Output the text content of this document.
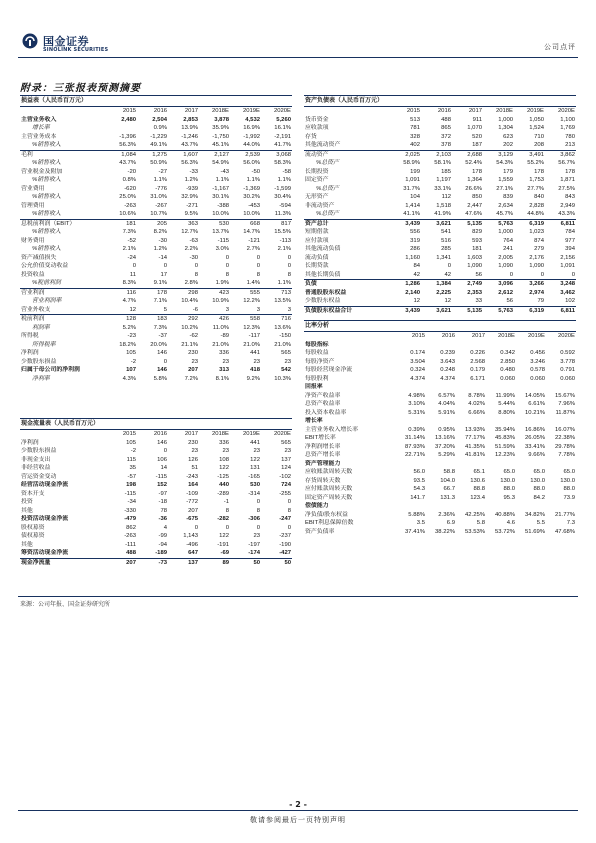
国金证券
SINOLINK SECURITIES	公司点评
附录：三张报表预测摘要
损益表（人民币百万元）						
	2015	2016	2017	2018E	2019E	2020E
主营业务收入	2,480	2,504	2,853	3,878	4,532	5,260
增长率		0.9%	13.9%	35.9%	16.9%	16.1%
主营业务成本	-1,396	-1,229	-1,246	-1,750	-1,992	-2,191
%销售收入	56.3%	49.1%	43.7%	45.1%	44.0%	41.7%
毛利	1,084	1,275	1,607	2,127	2,539	3,068
%销售收入	43.7%	50.9%	56.3%	54.9%	56.0%	58.3%
营业税金及附加	-20	-27	-33	-43	-50	-58
%销售收入	0.8%	1.1%	1.2%	1.1%	1.1%	1.1%
营业费用	-620	-776	-939	-1,167	-1,369	-1,599
%销售收入	25.0%	31.0%	32.9%	30.1%	30.2%	30.4%
管理费用	-263	-267	-271	-388	-453	-594
%销售收入	10.6%	10.7%	9.5%	10.0%	10.0%	11.3%
息税前利润（EBIT）	181	205	363	530	668	817
%销售收入	7.3%	8.2%	12.7%	13.7%	14.7%	15.5%
财务费用	-52	-30	-63	-115	-121	-113
%销售收入	2.1%	1.2%	2.2%	3.0%	2.7%	2.1%
资产减值损失	-24	-14	-30	0	0	0
公允价值变动收益	0	0	0	0	0	0
投资收益	11	17	8	8	8	8
%税前利润	8.3%	9.1%	2.8%	1.9%	1.4%	1.1%
营业利润	116	178	298	423	555	713
营业利润率	4.7%	7.1%	10.4%	10.9%	12.2%	13.5%
营业外收支	12	5	-6	3	3	3
税前利润	128	183	292	426	558	716
利润率	5.2%	7.3%	10.2%	11.0%	12.3%	13.6%
所得税	-23	-37	-62	-89	-117	-150
所得税率	18.2%	20.0%	21.1%	21.0%	21.0%	21.0%
净利润	105	146	230	336	441	565
少数股东损益	-2	0	23	23	23	23
归属于母公司的净利润	107	146	207	313	418	542
净利率	4.3%	5.8%	7.2%	8.1%	9.2%	10.3%
资产负债表（人民币百万元）						
	2015	2016	2017	2018E	2019E	2020E
货币资金	513	488	911	1,000	1,050	1,100
应收款项	781	865	1,070	1,304	1,524	1,769
存货	328	372	520	623	710	780
其他流动资产	402	378	187	202	208	213
流动资产	2,025	2,103	2,688	3,129	3,491	3,862
%总资产	58.9%	58.1%	52.4%	54.3%	55.2%	56.7%
长期投资	199	185	178	179	178	178
固定资产	1,091	1,197	1,364	1,559	1,753	1,871
%总资产	31.7%	33.1%	26.6%	27.1%	27.7%	27.5%
无形资产	104	112	850	839	840	843
非流动资产	1,414	1,518	2,447	2,634	2,828	2,949
%总资产	41.1%	41.9%	47.6%	45.7%	44.8%	43.3%
资产总计	3,439	3,621	5,135	5,763	6,319	6,811
短期借款	556	541	829	1,000	1,023	784
应付款项	319	516	593	764	874	977
其他流动负债	286	285	181	241	279	394
流动负债	1,160	1,341	1,603	2,005	2,176	2,156
长期贷款	84	0	1,090	1,090	1,090	1,091
其他长期负债	42	42	56	0	0	0
负债	1,286	1,384	2,749	3,096	3,266	3,248
普通股股东权益	2,140	2,225	2,353	2,612	2,974	3,462
少数股东权益	12	12	33	56	79	102
负债股东权益合计	3,439	3,621	5,135	5,763	6,319	6,811
比率分析						
	2015	2016	2017	2018E	2019E	2020E
每股指标						
每股收益	0.174	0.239	0.226	0.342	0.456	0.592
每股净资产	3.504	3.643	2.568	2.850	3.246	3.778
每股经营现金净流	0.324	0.248	0.179	0.480	0.578	0.791
每股股利	4.374	4.374	6.171	0.060	0.060	0.060
回报率						
净资产收益率	4.98%	6.57%	8.78%	11.99%	14.05%	15.67%
总资产收益率	3.10%	4.04%	4.02%	5.44%	6.61%	7.96%
投入资本收益率	5.31%	5.91%	6.66%	8.80%	10.21%	11.87%
增长率						
主营业务收入增长率	0.39%	0.95%	13.93%	35.94%	16.86%	16.07%
EBIT增长率	31.14%	13.16%	77.17%	45.83%	26.05%	22.38%
净利润增长率	87.93%	37.20%	41.35%	51.59%	33.41%	29.78%
总资产增长率	22.71%	5.29%	41.81%	12.23%	9.66%	7.78%
资产管理能力						
应收账款周转天数	56.0	58.8	65.1	65.0	65.0	65.0
存货周转天数	93.5	104.0	130.6	130.0	130.0	130.0
应付账款周转天数	54.3	66.7	88.8	88.0	88.0	88.0
固定资产周转天数	141.7	131.3	123.4	95.3	84.2	73.9
偿债能力						
净负债/股东权益	5.88%	2.36%	42.25%	40.88%	34.82%	21.77%
EBIT利息保障倍数	3.5	6.9	5.8	4.6	5.5	7.3
资产负债率	37.41%	38.22%	53.53%	53.72%	51.69%	47.68%
现金流量表（人民币百万元）						
	2015	2016	2017	2018E	2019E	2020E
净利润	105	146	230	336	441	565
少数股东损益	-2	0	23	23	23	23
非现金支出	115	106	126	108	122	137
非经营收益	35	14	51	122	131	124
营运资金变动	-57	-115	-243	-125	-165	-102
经营活动现金净流	198	152	164	440	530	724
资本开支	-115	-97	-109	-289	-314	-255
投资	-34	-18	-772	-1	0	0
其他	-330	78	207	8	8	8
投资活动现金净流	-479	-36	-675	-282	-306	-247
股权募资	862	4	0	0	0	0
债权募资	-263	-99	1,143	122	23	-237
其他	-111	-94	-496	-191	-197	-190
筹资活动现金净流	488	-189	647	-69	-174	-427
现金净流量	207	-73	137	89	50	50
来源：公司年报、国金证券研究所
- 2 -
敬请参阅最后一页特别声明
